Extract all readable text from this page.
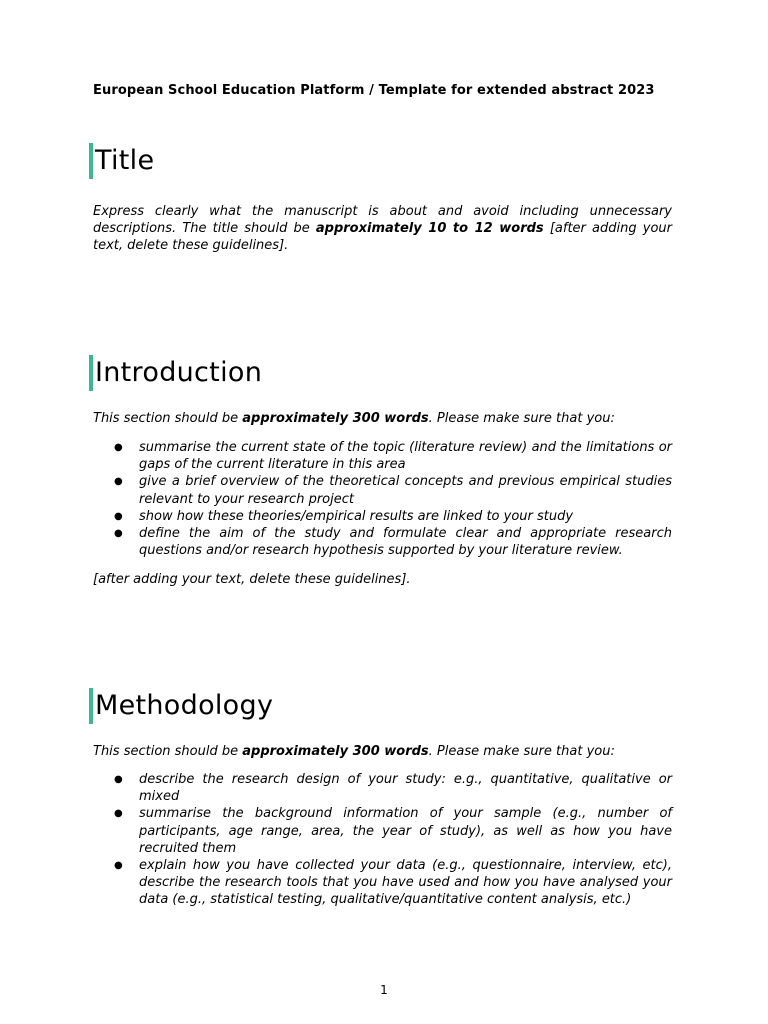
European School Education Platform / Template for extended abstract 2023
Title
Express clearly what the manuscript is about and avoid including unnecessary descriptions. The title should be approximately 10 to 12 words [after adding your text, delete these guidelines].
Introduction
This section should be approximately 300 words. Please make sure that you:
● summarise the current state of the topic (literature review) and the limitations or gaps of the current literature in this area
● give a brief overview of the theoretical concepts and previous empirical studies relevant to your research project
● show how these theories/empirical results are linked to your study
● define the aim of the study and formulate clear and appropriate research questions and/or research hypothesis supported by your literature review.
[after adding your text, delete these guidelines].
Methodology
This section should be approximately 300 words. Please make sure that you:
● describe the research design of your study: e.g., quantitative, qualitative or mixed
● summarise the background information of your sample (e.g., number of participants, age range, area, the year of study), as well as how you have recruited them
● explain how you have collected your data (e.g., questionnaire, interview, etc), describe the research tools that you have used and how you have analysed your data (e.g., statistical testing, qualitative/quantitative content analysis, etc.)
1
